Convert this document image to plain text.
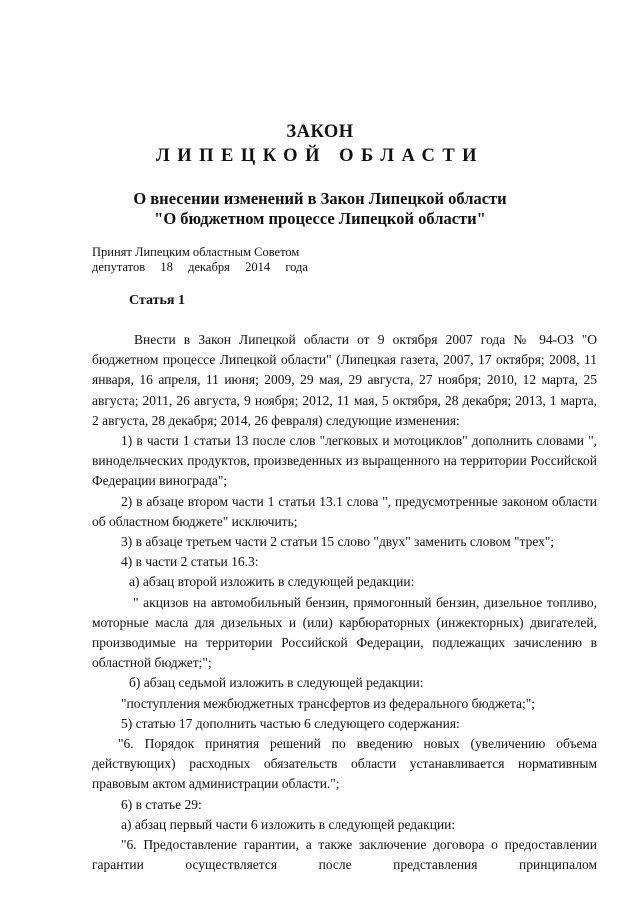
ЗАКОН
ЛИПЕЦКОЙ ОБЛАСТИ
О внесении изменений в Закон Липецкой области
"О бюджетном процессе Липецкой области"
Принят Липецким областным Советом
депутатов 18 декабря 2014 года
Статья 1
Внести в Закон Липецкой области от 9 октября 2007 года № 94-ОЗ "О бюджетном процессе Липецкой области" (Липецкая газета, 2007, 17 октября; 2008, 11 января, 16 апреля, 11 июня; 2009, 29 мая, 29 августа, 27 ноября; 2010, 12 марта, 25 августа; 2011, 26 августа, 9 ноября; 2012, 11 мая, 5 октября, 28 декабря; 2013, 1 марта, 2 августа, 28 декабря; 2014, 26 февраля) следующие изменения:
1) в части 1 статьи 13 после слов "легковых и мотоциклов" дополнить словами ", винодельческих продуктов, произведенных из выращенного на территории Российской Федерации винограда";
2) в абзаце втором части 1 статьи 13.1 слова ", предусмотренные законом области об областном бюджете" исключить;
3) в абзаце третьем части 2 статьи 15 слово "двух" заменить словом "трех";
4) в части 2 статьи 16.3:
а) абзац второй изложить в следующей редакции:
" акцизов на автомобильный бензин, прямогонный бензин, дизельное топливо, моторные масла для дизельных и (или) карбюраторных (инжекторных) двигателей, производимые на территории Российской Федерации, подлежащих зачислению в областной бюджет;";
б) абзац седьмой изложить в следующей редакции:
"поступления межбюджетных трансфертов из федерального бюджета;";
5) статью 17 дополнить частью 6 следующего содержания:
"6. Порядок принятия решений по введению новых (увеличению объема действующих) расходных обязательств области устанавливается нормативным правовым актом администрации области.";
6) в статье 29:
а) абзац первый части 6 изложить в следующей редакции:
"6. Предоставление гарантии, а также заключение договора о предоставлении гарантии осуществляется после представления принципалом
